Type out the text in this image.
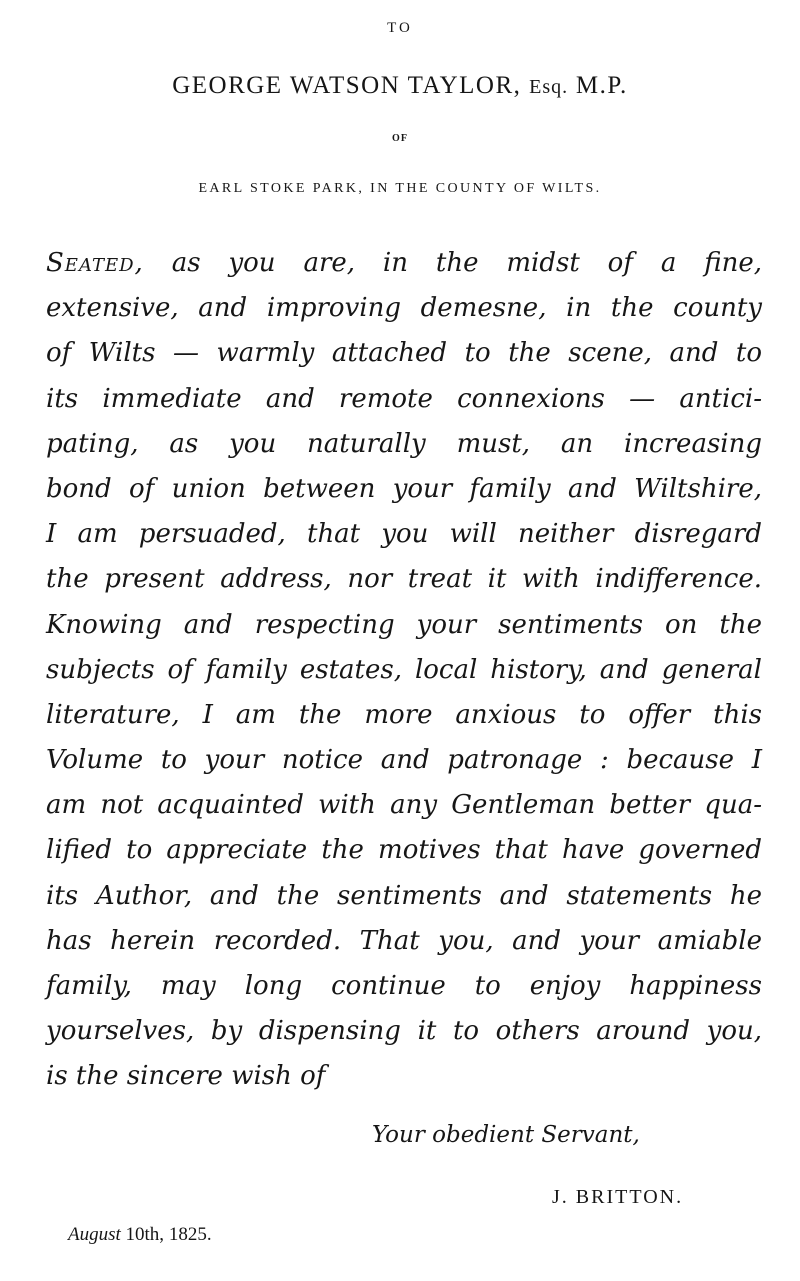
TO
GEORGE WATSON TAYLOR, Esq. M.P.
OF
EARL STOKE PARK, IN THE COUNTY OF WILTS.
Seated, as you are, in the midst of a fine,
extensive, and improving demesne, in the county
of Wilts — warmly attached to the scene, and to
its immediate and remote connexions — antici-
pating, as you naturally must, an increasing
bond of union between your family and Wiltshire,
I am persuaded, that you will neither disregard
the present address, nor treat it with indifference.
Knowing and respecting your sentiments on the
subjects of family estates, local history, and general
literature, I am the more anxious to offer this
Volume to your notice and patronage : because I
am not acquainted with any Gentleman better qua-
lified to appreciate the motives that have governed
its Author, and the sentiments and statements he
has herein recorded. That you, and your amiable
family, may long continue to enjoy happiness
yourselves, by dispensing it to others around you,
is the sincere wish of
Your obedient Servant,
J. BRITTON.
August 10th, 1825.
